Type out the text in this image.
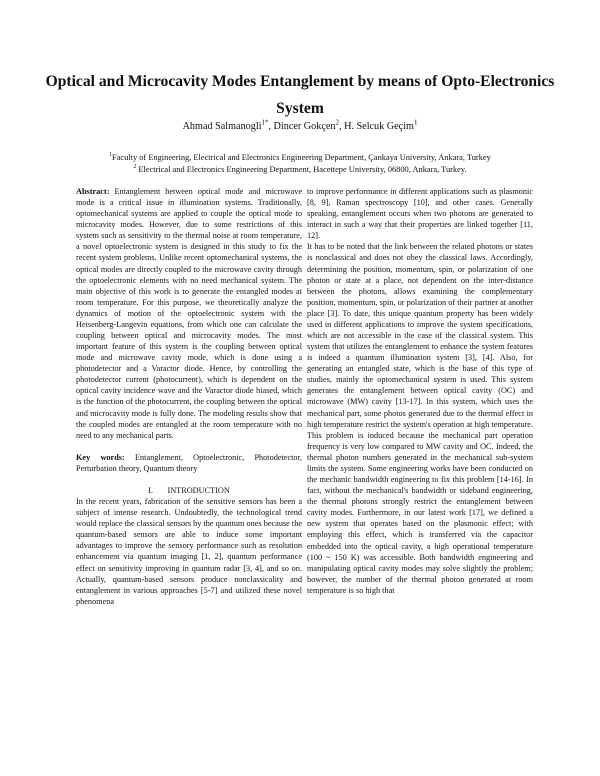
Optical and Microcavity Modes Entanglement by means of Opto-Electronics System

Ahmad Salmanogli$^{1*}$, Dincer Gokçen$^2$, H. Selcuk Geçim$^1$

$^1$Faculty of Engineering, Electrical and Electronics Engineering Department, Çankaya University, Ankara, Turkey
$^2$ Electrical and Electronics Engineering Department, Hacettepe University, 06800, Ankara, Turkey.

Abstract: Entanglement between optical mode and microwave mode is a critical issue in illumination systems. Traditionally, optomechanical systems are applied to couple the optical mode to microcavity modes. However, due to some restrictions of this system such as sensitivity to the thermal noise at room temperature, a novel optoelectronic system is designed in this study to fix the recent system problems. Unlike recent optomechanical systems, the optical modes are directly coupled to the microwave cavity through the optoelectronic elements with no need mechanical system. The main objective of this work is to generate the entangled modes at room temperature. For this purpose, we theoretically analyze the dynamics of motion of the optoelectronic system with the Heisenberg-Langevin equations, from which one can calculate the coupling between optical and microcavity modes. The most important feature of this system is the coupling between optical mode and microwave cavity mode, which is done using a photodetector and a Varactor diode. Hence, by controlling the photodetector current (photocurrent), which is dependent on the optical cavity incidence wave and the Varactor diode biased, which is the function of the photocurrent, the coupling between the optical and microcavity mode is fully done. The modeling results show that the coupled modes are entangled at the room temperature with no need to any mechanical parts.

Key words: Entanglement, Optoelectronic, Photodetector, Perturbation theory, Quantum theory

I. INTRODUCTION

In the recent years, fabrication of the sensitive sensors has been a subject of intense research. Undoubtedly, the technological trend would replace the classical sensors by the quantum ones because the quantum-based sensors are able to induce some important advantages to improve the sensory performance such as resolution enhancement via quantum imaging [1, 2], quantum performance effect on sensitivity improving in quantum radar [3, 4], and so on. Actually, quantum-based sensors produce nonclassicality and entanglement in various approaches [5-7] and utilized these novel phenomena

to improve performance in different applications such as plasmonic [8, 9], Raman spectroscopy [10], and other cases. Generally speaking, entanglement occurs when two photons are generated to interact in such a way that their properties are linked together [11, 12].

It has to be noted that the link between the related photons or states is nonclassical and does not obey the classical laws. Accordingly, determining the position, momentum, spin, or polarization of one photon or state at a place, not dependent on the inter-distance between the photons, allows examining the complementary position, momentum, spin, or polarization of their partner at another place [3]. To date, this unique quantum property has been widely used in different applications to improve the system specifications, which are not accessible in the case of the classical system. This system that utilizes the entanglement to enhance the system features is indeed a quantum illumination system [3], [4]. Also, for generating an entangled state, which is the base of this type of studies, mainly the optomechanical system is used. This system generates the entanglement between optical cavity (OC) and microwave (MW) cavity [13-17]. In this system, which uses the mechanical part, some photos generated due to the thermal effect in high temperature restrict the system's operation at high temperature. This problem is induced because the mechanical part operation frequency is very low compared to MW cavity and OC. Indeed, the thermal photon numbers generated in the mechanical sub-system limits the system. Some engineering works have been conducted on the mechanic bandwidth engineering to fix this problem [14-16]. In fact, without the mechanical's bandwidth or sideband engineering, the thermal photons strongly restrict the entanglement between cavity modes. Furthermore, in our latest work [17], we defined a new system that operates based on the plasmonic effect; with employing this effect, which is transferred via the capacitor embedded into the optical cavity, a high operational temperature (100 ~ 150 K) was accessible. Both bandwidth engineering and manipulating optical cavity modes may solve slightly the problem; however, the number of the thermal photon generated at room temperature is so high that
